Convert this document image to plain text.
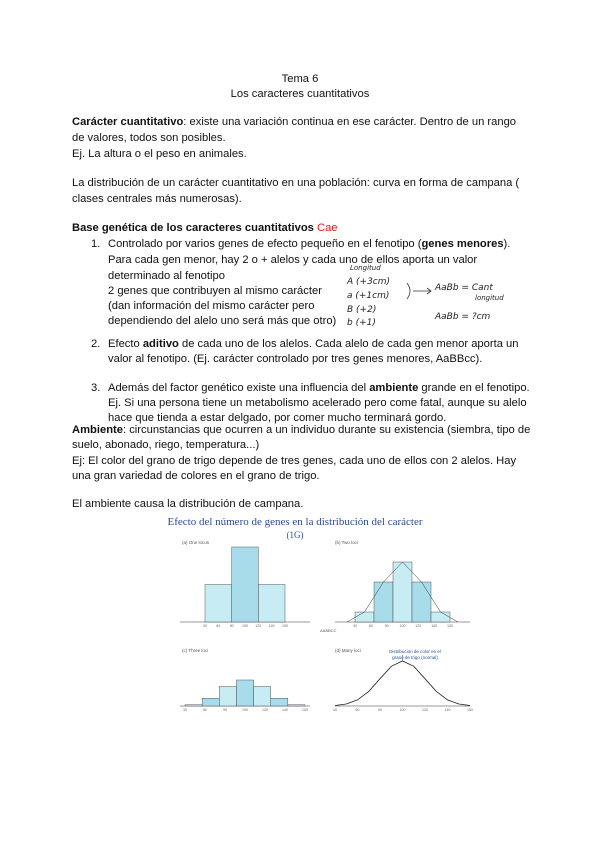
Tema 6

Los caracteres cuantitativos

Carácter cuantitativo: existe una variación continua en ese carácter. Dentro de un rango

de valores, todos son posibles.

Ej. La altura o el peso en animales.

La distribución de un carácter cuantitativo en una población: curva en forma de campana (

clases centrales más numerosas).

Base genética de los caracteres cuantitativos Cae

1. Controlado por varios genes de efecto pequeño en el fenotipo (genes menores).

Para cada gen menor, hay 2 o + alelos y cada uno de ellos aporta un valor

determinado al fenotipo

2 genes que contribuyen al mismo carácter

(dan información del mismo carácter pero

dependiendo del alelo uno será más que otro)

Longitud
A (+3cm)
a (+1cm)
B (+2)
b (+1)
AaBb = Cant
longitud
AaBb = ?cm

2. Efecto aditivo de cada uno de los alelos. Cada alelo de cada gen menor aporta un

valor al fenotipo. (Ej. carácter controlado por tres genes menores, AaBBcc).

3. Además del factor genético existe una influencia del ambiente grande en el fenotipo.

Ej. Si una persona tiene un metabolismo acelerado pero come fatal, aunque su alelo

hace que tienda a estar delgado, por comer mucho terminará gordo.

Ambiente: circunstancias que ocurren a un individuo durante su existencia (siembra, tipo de

suelo, abonado, riego, temperatura...)

Ej: El color del grano de trigo depende de tres genes, cada uno de ellos con 2 alelos. Hay

una gran variedad de colores en el grano de trigo.

El ambiente causa la distribución de campana.

Efecto del número de genes en la distribución del carácter
(1G)
(a) One locus	(b) Two loci
(c) Three loci	(d) Many loci	Distribución de color en el
grano de trigo (normal)
AABBCC
30	60	90 100 120 140 150	30	60	90	100	120	140	150
30	60	90	100	120	140	150	30	60	90	100	120	140	150
